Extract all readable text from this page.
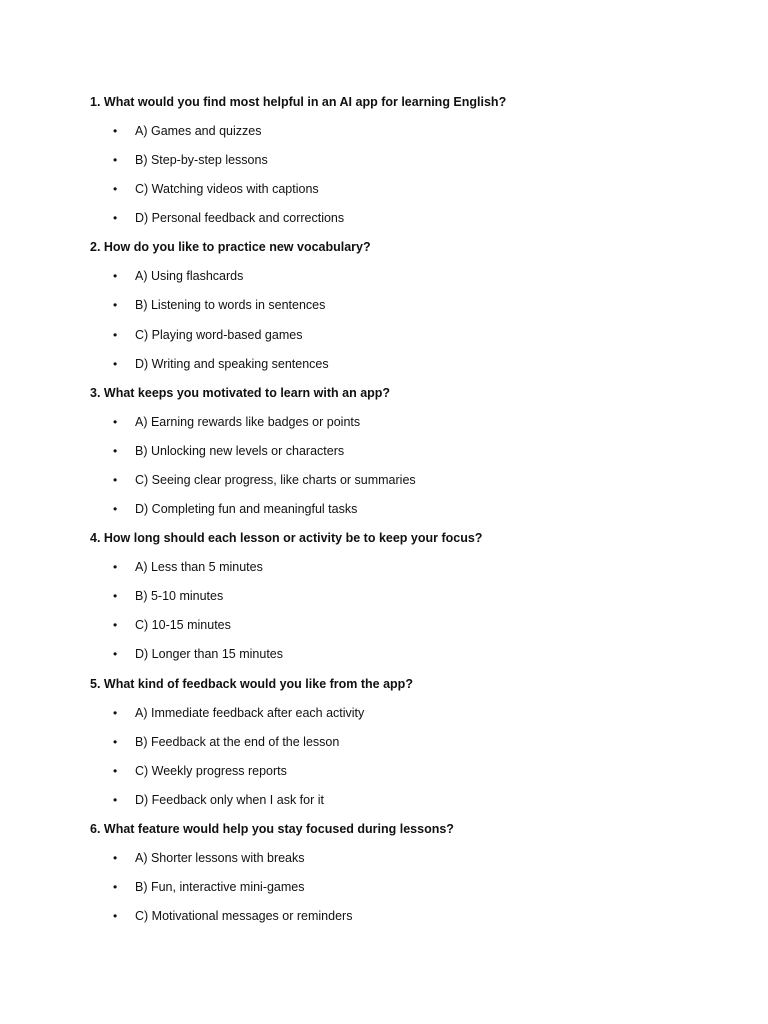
1. What would you find most helpful in an AI app for learning English?
• A) Games and quizzes
• B) Step-by-step lessons
• C) Watching videos with captions
• D) Personal feedback and corrections
2. How do you like to practice new vocabulary?
• A) Using flashcards
• B) Listening to words in sentences
• C) Playing word-based games
• D) Writing and speaking sentences
3. What keeps you motivated to learn with an app?
• A) Earning rewards like badges or points
• B) Unlocking new levels or characters
• C) Seeing clear progress, like charts or summaries
• D) Completing fun and meaningful tasks
4. How long should each lesson or activity be to keep your focus?
• A) Less than 5 minutes
• B) 5-10 minutes
• C) 10-15 minutes
• D) Longer than 15 minutes
5. What kind of feedback would you like from the app?
• A) Immediate feedback after each activity
• B) Feedback at the end of the lesson
• C) Weekly progress reports
• D) Feedback only when I ask for it
6. What feature would help you stay focused during lessons?
• A) Shorter lessons with breaks
• B) Fun, interactive mini-games
• C) Motivational messages or reminders
